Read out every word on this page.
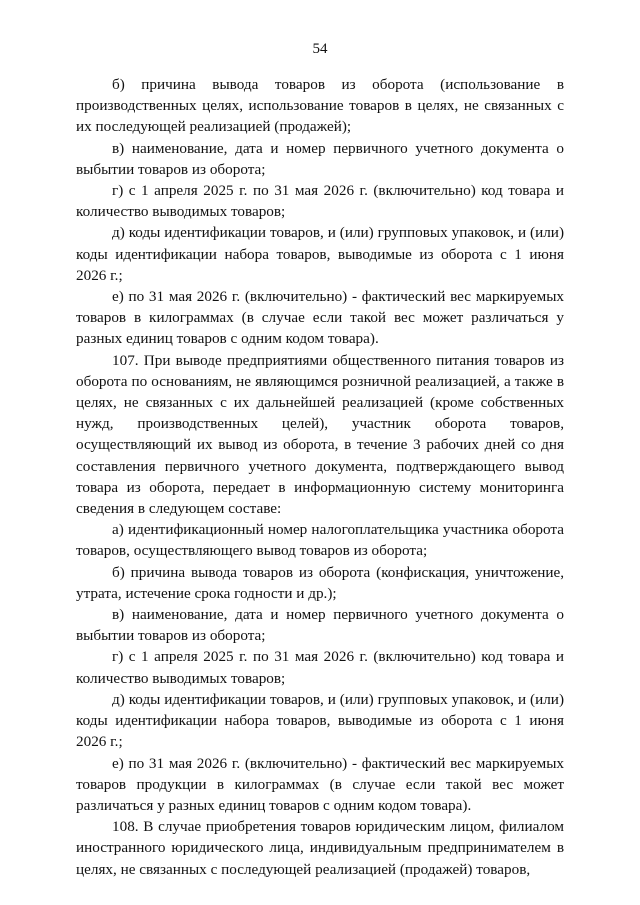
54

б) причина вывода товаров из оборота (использование в производственных целях, использование товаров в целях, не связанных с их последующей реализацией (продажей);

в) наименование, дата и номер первичного учетного документа о выбытии товаров из оборота;

г) с 1 апреля 2025 г. по 31 мая 2026 г. (включительно) код товара и количество выводимых товаров;

д) коды идентификации товаров, и (или) групповых упаковок, и (или) коды идентификации набора товаров, выводимые из оборота с 1 июня 2026 г.;

е) по 31 мая 2026 г. (включительно) - фактический вес маркируемых товаров в килограммах (в случае если такой вес может различаться у разных единиц товаров с одним кодом товара).

107. При выводе предприятиями общественного питания товаров из оборота по основаниям, не являющимся розничной реализацией, а также в целях, не связанных с их дальнейшей реализацией (кроме собственных нужд, производственных целей), участник оборота товаров, осуществляющий их вывод из оборота, в течение 3 рабочих дней со дня составления первичного учетного документа, подтверждающего вывод товара из оборота, передает в информационную систему мониторинга сведения в следующем составе:

а) идентификационный номер налогоплательщика участника оборота товаров, осуществляющего вывод товаров из оборота;

б) причина вывода товаров из оборота (конфискация, уничтожение, утрата, истечение срока годности и др.);

в) наименование, дата и номер первичного учетного документа о выбытии товаров из оборота;

г) с 1 апреля 2025 г. по 31 мая 2026 г. (включительно) код товара и количество выводимых товаров;

д) коды идентификации товаров, и (или) групповых упаковок, и (или) коды идентификации набора товаров, выводимые из оборота с 1 июня 2026 г.;

е) по 31 мая 2026 г. (включительно) - фактический вес маркируемых товаров продукции в килограммах (в случае если такой вес может различаться у разных единиц товаров с одним кодом товара).

108. В случае приобретения товаров юридическим лицом, филиалом иностранного юридического лица, индивидуальным предпринимателем в целях, не связанных с последующей реализацией (продажей) товаров,
